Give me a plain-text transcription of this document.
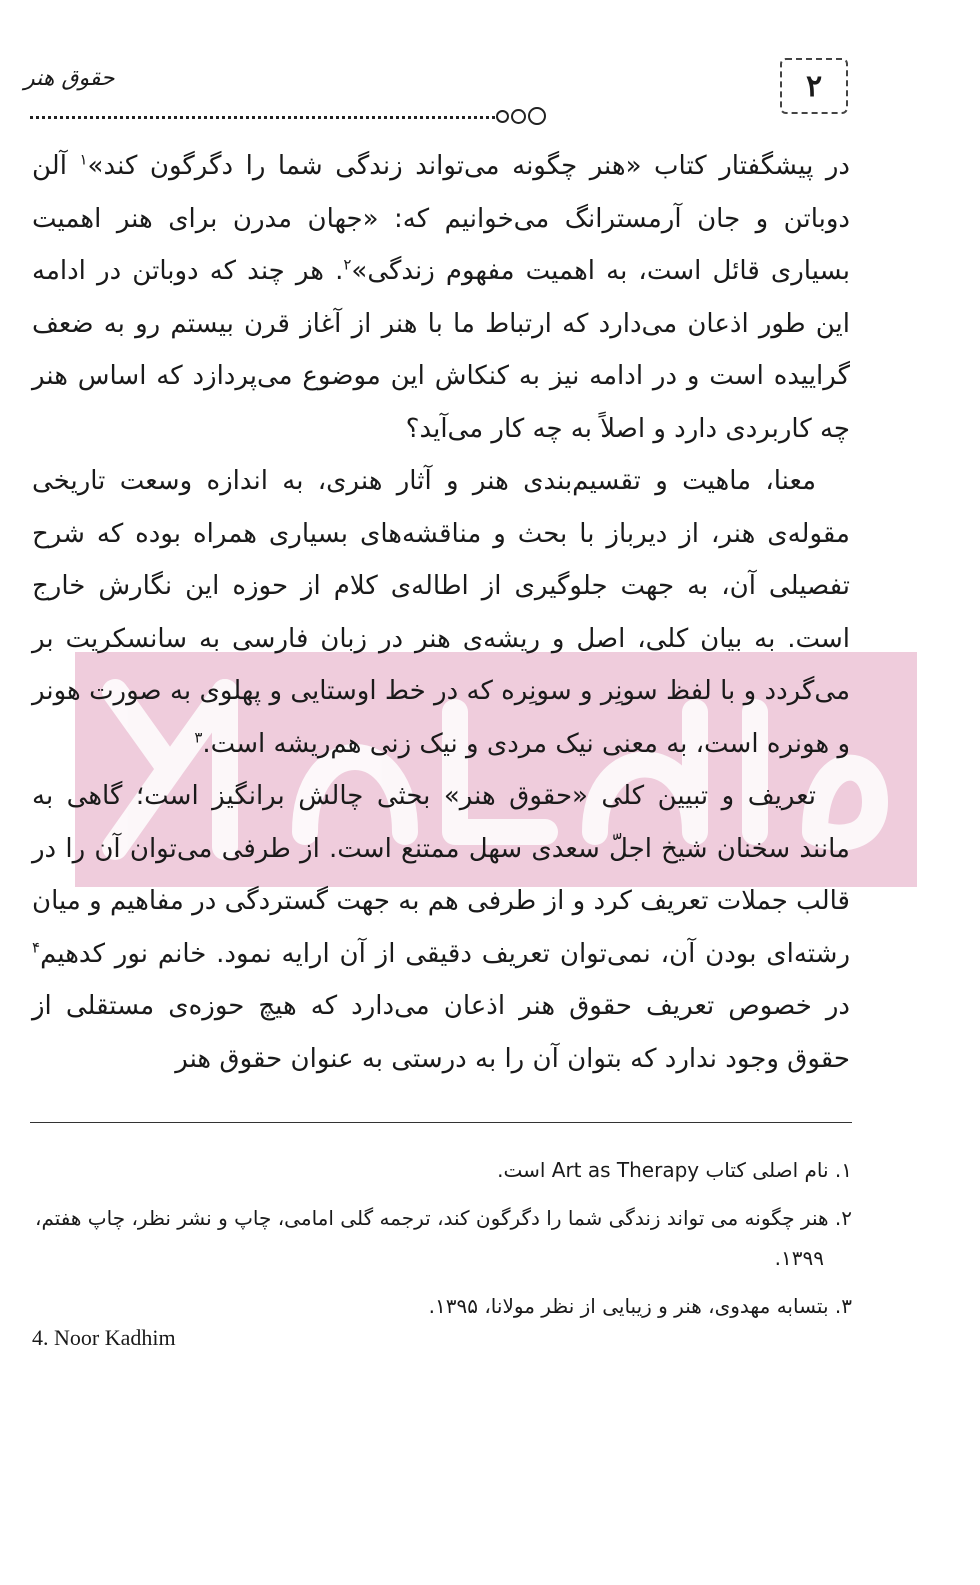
۲
حقوق هنر

در پیشگفتار کتاب «هنر چگونه می‌تواند زندگی شما را دگرگون کند»$^۱$ آلن دوباتن و جان آرمسترانگ می‌خوانیم که: «جهان مدرن برای هنر اهمیت بسیاری قائل است، به اهمیت مفهوم زندگی»$^۲$. هر چند که دوباتن در ادامه این طور اذعان می‌دارد که ارتباط ما با هنر از آغاز قرن بیستم رو به ضعف گراییده است و در ادامه نیز به کنکاش این موضوع می‌پردازد که اساس هنر چه کاربردی دارد و اصلاً به چه کار می‌آید؟

معنا، ماهیت و تقسیم‌بندی هنر و آثار هنری، به اندازه وسعت تاریخی مقوله‌ی هنر، از دیرباز با بحث و مناقشه‌های بسیاری همراه بوده که شرح تفصیلی آن، به جهت جلوگیری از اطاله‌ی کلام از حوزه این نگارش خارج است. به بیان کلی، اصل و ریشه‌ی هنر در زبان فارسی به سانسکریت بر می‌گردد و با لفظ سونِر و سونِره که در خط اوستایی و پهلوی به صورت هونر و هونره است، به معنی نیک مردی و نیک زنی هم‌ریشه است.$^۳$

تعریف و تبیین کلی «حقوق هنر» بحثی چالش برانگیز است؛ گاهی به مانند سخنان شیخ اجلّ سعدی سهل ممتنع است. از طرفی می‌توان آن را در قالب جملات تعریف کرد و از طرفی هم به جهت گستردگی در مفاهیم و میان رشته‌ای بودن آن، نمی‌توان تعریف دقیقی از آن ارایه نمود. خانم نور کدهیم$^۴$ در خصوص تعریف حقوق هنر اذعان می‌دارد که هیچ حوزه‌ی مستقلی از حقوق وجود ندارد که بتوان آن را به درستی به عنوان حقوق هنر

۱. نام اصلی کتاب Art as Therapy است.
۲. هنر چگونه می تواند زندگی شما را دگرگون کند، ترجمه گلی امامی، چاپ و نشر نظر، چاپ هفتم، ۱۳۹۹.
۳. بتسابه مهدوی، هنر و زیبایی از نظر مولانا، ۱۳۹۵.
4. Noor Kadhim
